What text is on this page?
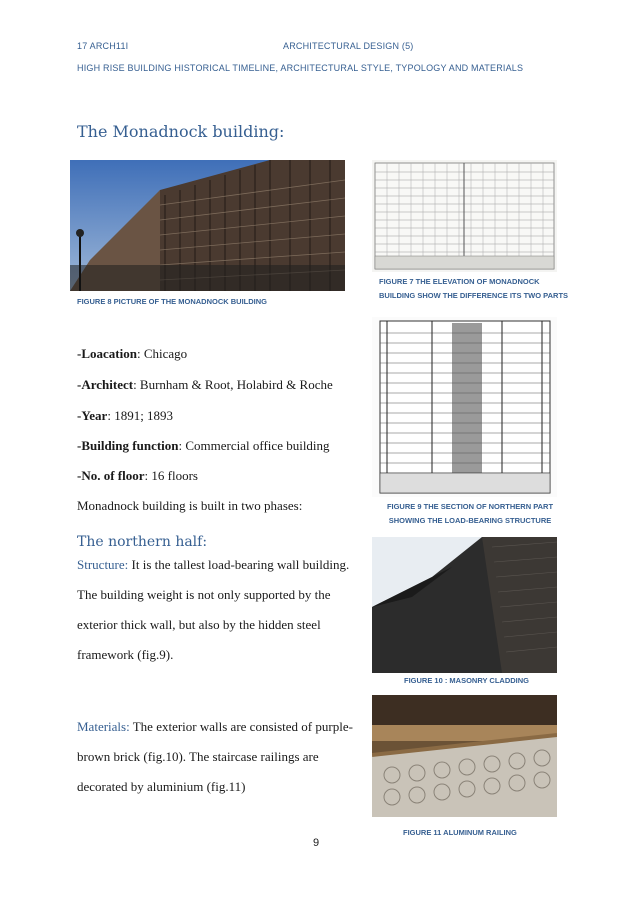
17 ARCH11I	ARCHITECTURAL DESIGN (5)
HIGH RISE BUILDING HISTORICAL TIMELINE, ARCHITECTURAL STYLE, TYPOLOGY AND MATERIALS
The Monadnock building:
FIGURE 8 PICTURE OF THE MONADNOCK BUILDING
FIGURE 7 THE ELEVATION OF MONADNOCK BUILDING SHOW THE DIFFERENCE ITS TWO PARTS
FIGURE 9 THE SECTION OF NORTHERN PART SHOWING THE LOAD-BEARING STRUCTURE
FIGURE 10 : MASONRY CLADDING
FIGURE 11 ALUMINUM RAILING
-Loacation: Chicago
-Architect: Burnham & Root, Holabird & Roche
-Year: 1891; 1893
-Building function: Commercial office building
-No. of floor: 16 floors
Monadnock building is built in two phases:
The northern half:
Structure: It is the tallest load-bearing wall building.
The building weight is not only supported by the
exterior thick wall, but also by the hidden steel
framework (fig.9).
Materials: The exterior walls are consisted of purple-
brown brick (fig.10). The staircase railings are
decorated by aluminium (fig.11)
9
